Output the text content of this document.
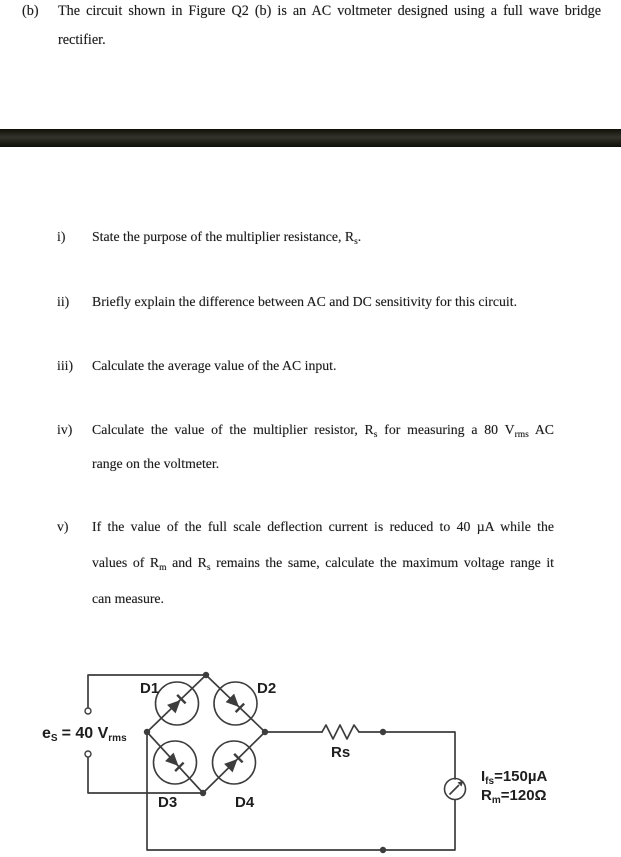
(b) The circuit shown in Figure Q2 (b) is an AC voltmeter designed using a full wave bridge
rectifier.
i) State the purpose of the multiplier resistance, $R_s$.
ii) Briefly explain the difference between AC and DC sensitivity for this circuit.
iii) Calculate the average value of the AC input.
iv) Calculate the value of the multiplier resistor, $R_s$ for measuring a 80 $V_{rms}$ AC
range on the voltmeter.
v) If the value of the full scale deflection current is reduced to 40 µA while the
values of $R_m$ and $R_s$ remains the same, calculate the maximum voltage range it
can measure.
D1	D2
D3	D4
Rs
eS = 40 Vrms
$I_{fs}=150\mu A$
$R_m=120\Omega$
